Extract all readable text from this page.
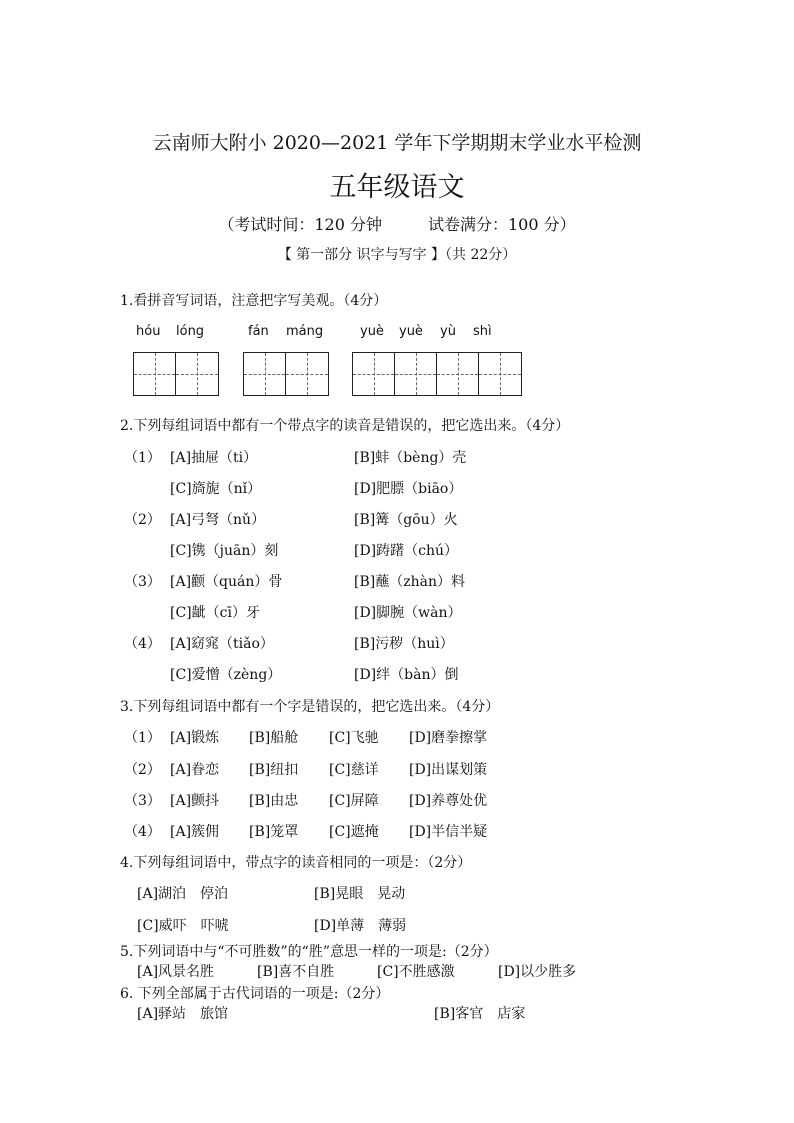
云南师大附小 2020—2021 学年下学期期末学业水平检测
五年级语文
（考试时间：120 分钟	试卷满分：100 分）
【 第一部分 识字与写字 】（共 22分）
1.看拼音写词语，注意把字写美观。（4分）
hóu lóng	fán máng	yuè yuè yù shì
2.下列每组词语中都有一个带点字的读音是错误的，把它选出来。（4分）
（1） [A]抽屉（ti）	[B]蚌（bèng）壳
[C]旖旎（nǐ）	[D]肥膘（biāo）
（2） [A]弓弩（nǔ）	[B]篝（gōu）火
[C]镌（juān）刻	[D]踌躇（chú）
（3） [A]颧（quán）骨	[B]蘸（zhàn）料
[C]龇（cī）牙	[D]脚腕（wàn）
（4） [A]窈窕（tiǎo）	[B]污秽（huì）
[C]爱憎（zèng）	[D]绊（bàn）倒
3.下列每组词语中都有一个字是错误的，把它选出来。（4分）
（1） [A]锻炼 [B]船舱 [C]飞驰 [D]磨拳擦掌
（2） [A]眷恋 [B]纽扣 [C]慈详 [D]出谋划策
（3） [A]颤抖 [B]由忠 [C]屏障 [D]养尊处优
（4） [A]簇佣 [B]笼罩 [C]遮掩 [D]半信半疑
4.下列每组词语中，带点字的读音相同的一项是：（2分）
[A]湖泊　停泊	[B]晃眼　晃动
[C]威吓　吓唬	[D]单薄　薄弱
5.下列词语中与“不可胜数”的“胜”意思一样的一项是:（2分）
[A]风景名胜	[B]喜不自胜	[C]不胜感激	[D]以少胜多
6. 下列全部属于古代词语的一项是:（2分）
[A]驿站　旅馆	[B]客官　店家
